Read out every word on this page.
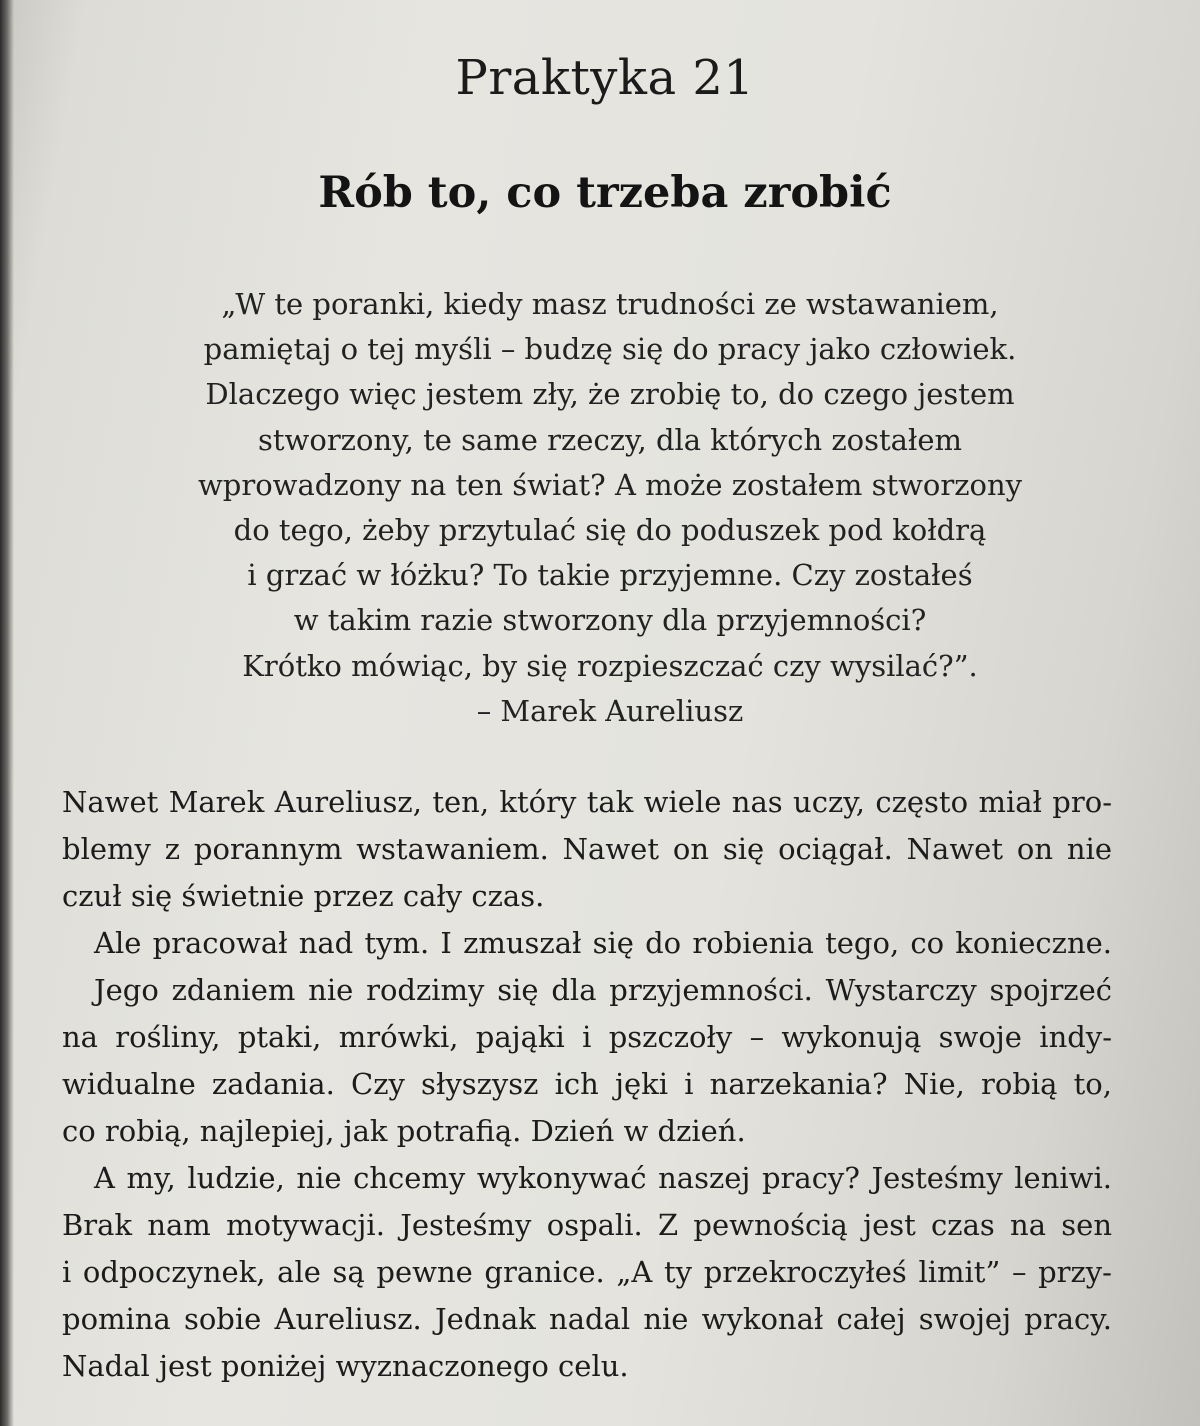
Praktyka 21
Rób to, co trzeba zrobić
„W te poranki, kiedy masz trudności ze wstawaniem,
pamiętaj o tej myśli – budzę się do pracy jako człowiek.
Dlaczego więc jestem zły, że zrobię to, do czego jestem
stworzony, te same rzeczy, dla których zostałem
wprowadzony na ten świat? A może zostałem stworzony
do tego, żeby przytulać się do poduszek pod kołdrą
i grzać w łóżku? To takie przyjemne. Czy zostałeś
w takim razie stworzony dla przyjemności?
Krótko mówiąc, by się rozpieszczać czy wysilać?”.
– Marek Aureliusz
Nawet Marek Aureliusz, ten, który tak wiele nas uczy, często miał pro-
blemy z porannym wstawaniem. Nawet on się ociągał. Nawet on nie
czuł się świetnie przez cały czas.
Ale pracował nad tym. I zmuszał się do robienia tego, co konieczne.
Jego zdaniem nie rodzimy się dla przyjemności. Wystarczy spojrzeć
na rośliny, ptaki, mrówki, pająki i pszczoły – wykonują swoje indy-
widualne zadania. Czy słyszysz ich jęki i narzekania? Nie, robią to,
co robią, najlepiej, jak potrafią. Dzień w dzień.
A my, ludzie, nie chcemy wykonywać naszej pracy? Jesteśmy leniwi.
Brak nam motywacji. Jesteśmy ospali. Z pewnością jest czas na sen
i odpoczynek, ale są pewne granice. „A ty przekroczyłeś limit” – przy-
pomina sobie Aureliusz. Jednak nadal nie wykonał całej swojej pracy.
Nadal jest poniżej wyznaczonego celu.
